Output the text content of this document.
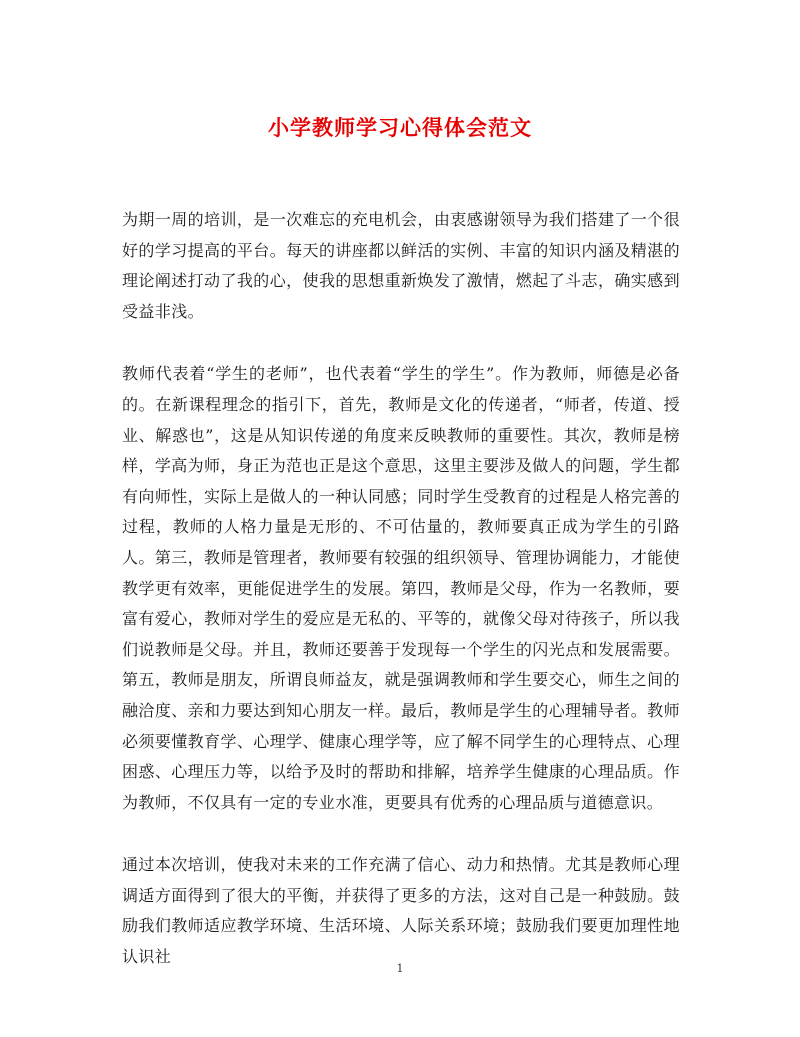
小学教师学习心得体会范文

为期一周的培训，是一次难忘的充电机会，由衷感谢领导为我们搭建了一个很好的学习提高的平台。每天的讲座都以鲜活的实例、丰富的知识内涵及精湛的理论阐述打动了我的心，使我的思想重新焕发了激情，燃起了斗志，确实感到受益非浅。

教师代表着“学生的老师”，也代表着“学生的学生”。作为教师，师德是必备的。在新课程理念的指引下，首先，教师是文化的传递者，“师者，传道、授业、解惑也”，这是从知识传递的角度来反映教师的重要性。其次，教师是榜样，学高为师，身正为范也正是这个意思，这里主要涉及做人的问题，学生都有向师性，实际上是做人的一种认同感；同时学生受教育的过程是人格完善的过程，教师的人格力量是无形的、不可估量的，教师要真正成为学生的引路人。第三，教师是管理者，教师要有较强的组织领导、管理协调能力，才能使教学更有效率，更能促进学生的发展。第四，教师是父母，作为一名教师，要富有爱心，教师对学生的爱应是无私的、平等的，就像父母对待孩子，所以我们说教师是父母。并且，教师还要善于发现每一个学生的闪光点和发展需要。第五，教师是朋友，所谓良师益友，就是强调教师和学生要交心，师生之间的融洽度、亲和力要达到知心朋友一样。最后，教师是学生的心理辅导者。教师必须要懂教育学、心理学、健康心理学等，应了解不同学生的心理特点、心理困惑、心理压力等，以给予及时的帮助和排解，培养学生健康的心理品质。作为教师，不仅具有一定的专业水准，更要具有优秀的心理品质与道德意识。

通过本次培训，使我对未来的工作充满了信心、动力和热情。尤其是教师心理调适方面得到了很大的平衡，并获得了更多的方法，这对自己是一种鼓励。鼓励我们教师适应教学环境、生活环境、人际关系环境；鼓励我们要更加理性地认识社

1
